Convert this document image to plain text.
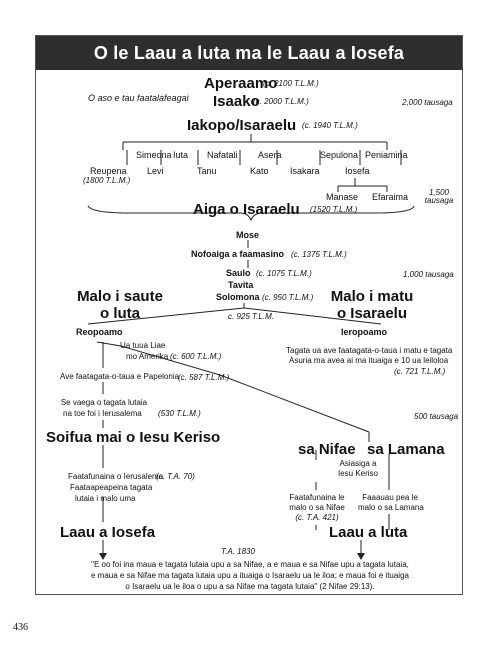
O le Laau a luta ma le Laau a Iosefa
Aperaamo
(c. 2100 T.L.M.)
O aso e tau faatalafeagai Isaako
(c. 2000 T.L.M.)	2,000 tausaga
Iakopo/Isaraelu (c. 1940 T.L.M.)
Simeona Iuta Nafatali Asera	Sepulona Peniamina
Reupena
(1800 T.L.M.)
Levi	Tanu	Kato Isakara	Iosefa
Manase Efaraima	1,500 tausaga
Aiga o Isaraelu (1520 T.L.M.)
Mose
Nofoaiga a faamasino (c. 1375 T.L.M.)
Saulo (c. 1075 T.L.M.)	1,000 tausaga
Tavita
Solomona (c. 950 T.L.M.)
Malo i saute
o luta
Malo i matu
o Isaraelu
c. 925 T.L.M.
Reopoamo	Ieropoamo
Ua tuua Liae
mo Amerika (c. 600 T.L.M.)
Tagata ua ave faatagata-o-taua i matu e tagata
Asuria ma avea ai ma ituaiga e 10 ua leiloloa
(c. 721 T.L.M.)
Ave faatagata-o-taua e Papelonia
(c. 587 T.L.M.)
Se vaega o tagata lutaia
na toe foi i Ierusalema (530 T.L.M.)	500 tausaga
Soifua mai o Iesu Keriso
sa Nifae sa Lamana
Asiasiga a
Iesu Keriso
Faatafunaina o Ierusalema
(c. T.A. 70)
Faataapeapeina tagata
lutaia i malo uma	Faatafunaina le
malo o sa Nifae
(c. T.A. 421)
Faaauau pea le
malo o sa Lamana
Laau a Iosefa	Laau a luta
T.A. 1830
"E oo foi ina maua e tagata lutaia upu a sa Nifae, a e maua e sa Nifae upu a tagata lutaia,
e maua e sa Nifae ma tagata lutaia upu a ituaiga o Isaraelu ua le iloa; e maua foi e ituaiga
o Isaraelu ua le iloa o upu a sa Nifae ma tagata lutaia" (2 Nifae 29:13).
436
